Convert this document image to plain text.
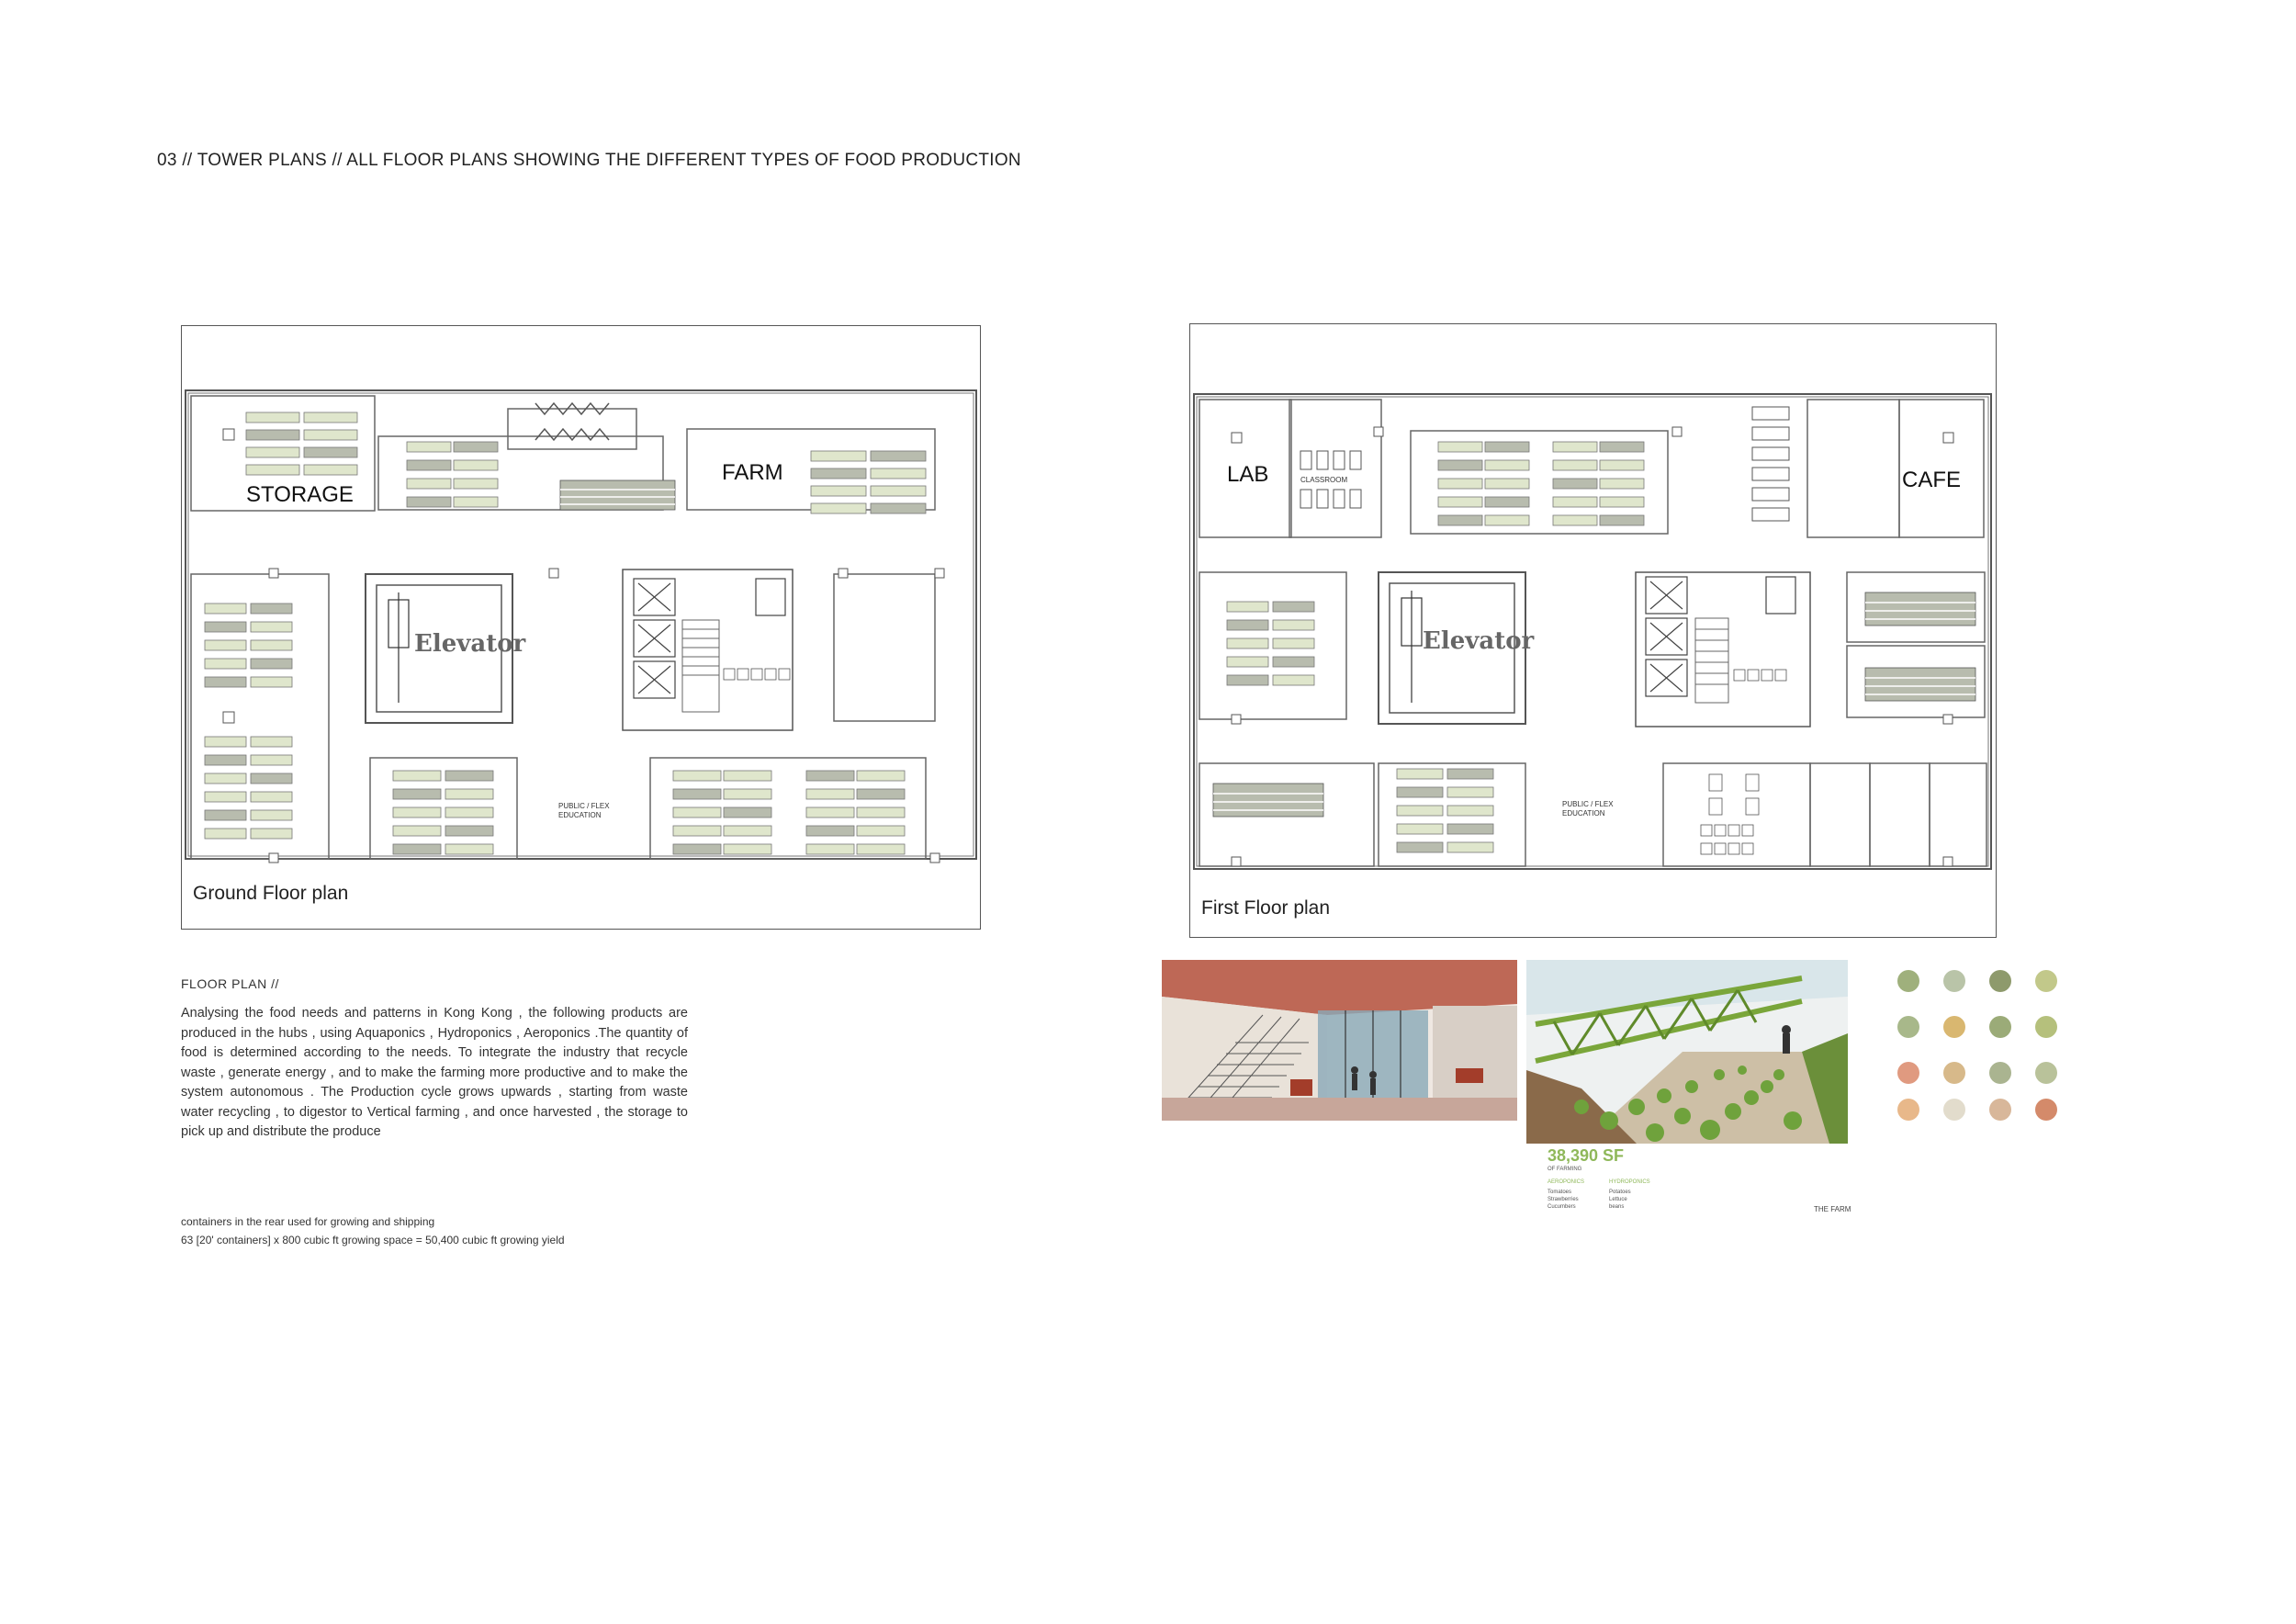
03 // TOWER PLANS // ALL FLOOR PLANS SHOWING THE DIFFERENT TYPES OF FOOD PRODUCTION
STORAGE
FARM
Elevator
PUBLIC / FLEX EDUCATION
Ground Floor plan
LAB	CLASSROOM	CAFE
Elevator
PUBLIC / FLEX EDUCATION
First Floor plan
FLOOR PLAN //
Analysing the food needs and patterns in Kong Kong , the following products are produced in the hubs , using Aquaponics , Hydroponics , Aeroponics .The quantity of food is determined according to the needs. To integrate the industry that recycle waste , generate energy , and to make the farming more productive and to make the system autonomous . The Production cycle grows upwards , starting from waste water recycling , to digestor to Vertical farming , and once harvested , the storage to pick up and distribute the produce
containers in the rear used for growing and shipping
63 [20' containers] x 800 cubic ft growing space = 50,400 cubic ft growing yield
38,390 SF
OF FARMING
AEROPONICS
Tomatoes Strawberries Cucumbers
HYDROPONICS
Potatoes Lettuce beans	THE FARM
